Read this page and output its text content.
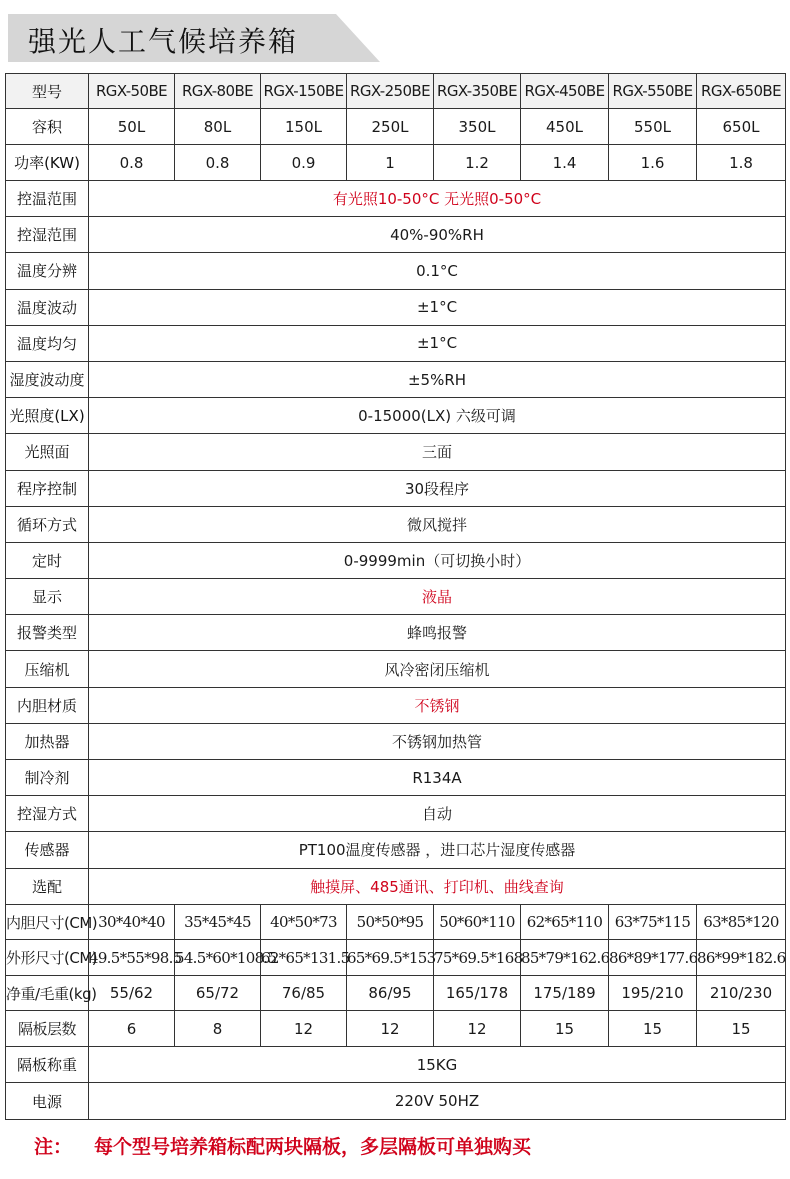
强光人工气候培养箱
型号	RGX-50BE	RGX-80BE	RGX-150BE	RGX-250BE	RGX-350BE	RGX-450BE	RGX-550BE	RGX-650BE
容积	50L	80L	150L	250L	350L	450L	550L	650L
功率(KW)	0.8	0.8	0.9	1	1.2	1.4	1.6	1.8
控温范围	有光照10-50°C 无光照0-50°C							
控湿范围	40%-90%RH							
温度分辨	0.1°C							
温度波动	±1°C							
温度均匀	±1°C							
湿度波动度	±5%RH							
光照度(LX)	0-15000(LX) 六级可调							
光照面	三面							
程序控制	30段程序							
循环方式	微风搅拌							
定时	0-9999min（可切换小时）							
显示	液晶							
报警类型	蜂鸣报警							
压缩机	风冷密闭压缩机							
内胆材质	不锈钢							
加热器	不锈钢加热管							
制冷剂	R134A							
控湿方式	自动							
传感器	PT100温度传感器 ，进口芯片湿度传感器							
选配	触摸屏、485通讯、打印机、曲线查询							
内胆尺寸(CM)	30*40*40	35*45*45	40*50*73	50*50*95	50*60*110	62*65*110	63*75*115	63*85*120
外形尺寸(CM)	49.5*55*98.5	54.5*60*108.5	62*65*131.5	65*69.5*153	75*69.5*168	85*79*162.6	86*89*177.6	86*99*182.6
净重/毛重(kg)	55/62	65/72	76/85	86/95	165/178	175/189	195/210	210/230
隔板层数	6	8	12	12	12	15	15	15
隔板称重	15KG							
电源	220V 50HZ							
注： 每个型号培养箱标配两块隔板，多层隔板可单独购买
